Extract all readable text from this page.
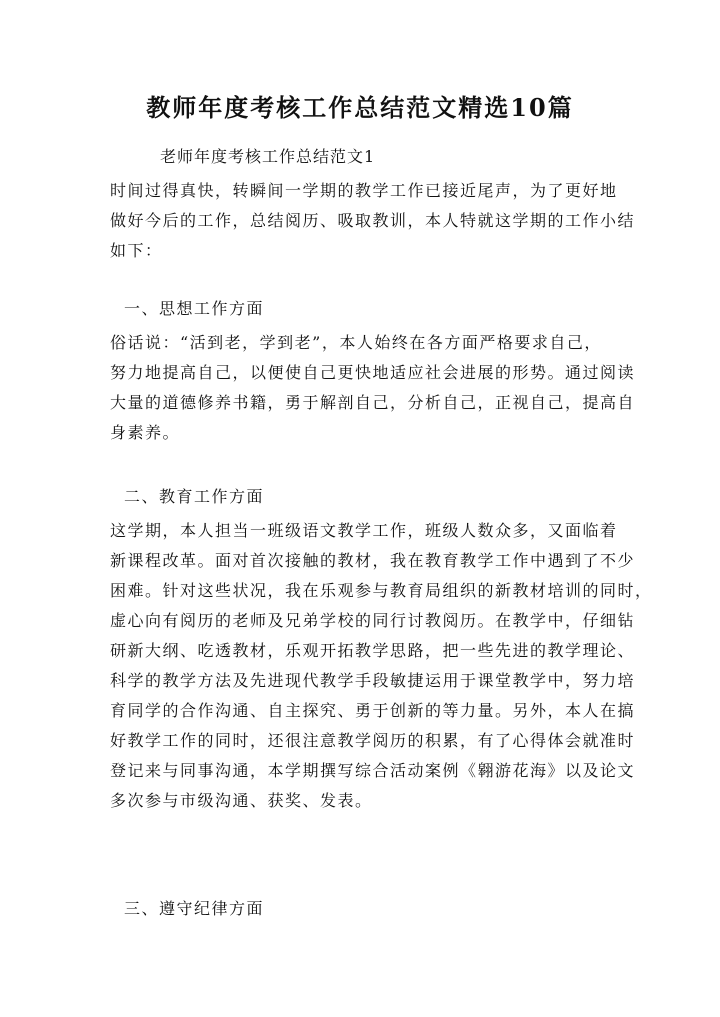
教师年度考核工作总结范文精选10篇
老师年度考核工作总结范文1
时间过得真快，转瞬间一学期的教学工作已接近尾声，为了更好地
做好今后的工作，总结阅历、吸取教训，本人特就这学期的工作小结
如下：
一、思想工作方面
俗话说：“活到老，学到老”，本人始终在各方面严格要求自己，
努力地提高自己，以便使自己更快地适应社会进展的形势。通过阅读
大量的道德修养书籍，勇于解剖自己，分析自己，正视自己，提高自
身素养。
二、教育工作方面
这学期，本人担当一班级语文教学工作，班级人数众多，又面临着
新课程改革。面对首次接触的教材，我在教育教学工作中遇到了不少
困难。针对这些状况，我在乐观参与教育局组织的新教材培训的同时，
虚心向有阅历的老师及兄弟学校的同行讨教阅历。在教学中，仔细钻
研新大纲、吃透教材，乐观开拓教学思路，把一些先进的教学理论、
科学的教学方法及先进现代教学手段敏捷运用于课堂教学中，努力培
育同学的合作沟通、自主探究、勇于创新的等力量。另外，本人在搞
好教学工作的同时，还很注意教学阅历的积累，有了心得体会就准时
登记来与同事沟通，本学期撰写综合活动案例《翱游花海》以及论文
多次参与市级沟通、获奖、发表。
三、遵守纪律方面
